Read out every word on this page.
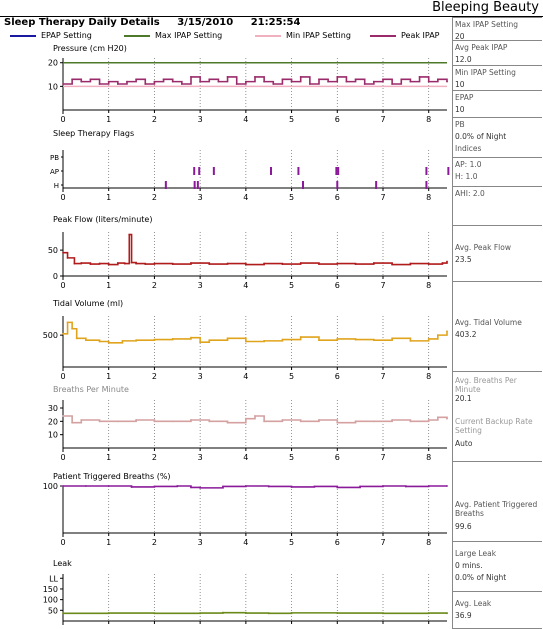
Bleeping Beauty
Sleep Therapy Daily Details 3/15/2010 21:25:54
EPAP Setting	Max IPAP Setting	Min IPAP Setting	Peak IPAP
Pressure (cm H20)
0	1	2	3	4	5	6	7	8
10
20
Sleep Therapy Flags
0	1	2	3	4	5	6	7	8
PB
AP
H
Peak Flow (liters/minute)
0	1	2	3	4	5	6	7	8
0
50
Tidal Volume (ml)
0	1	2	3	4	5	6	7	8
500
Breaths Per Minute
0	1	2	3	4	5	6	7	8
10
20
30
Patient Triggered Breaths (%)
0	1	2	3	4	5	6	7	8
100
Leak
50
100
150
LL
Max IPAP Setting
20
Avg Peak IPAP
12.0
Min IPAP Setting
10
EPAP
10
PB
0.0% of Night
Indices
AP: 1.0
H: 1.0
AHI: 2.0
Avg. Peak Flow
23.5
Avg. Tidal Volume
403.2
Avg. Breaths Per Minute
20.1
Current Backup Rate Setting
Auto
Avg. Patient Triggered Breaths
99.6
Large Leak
0 mins.
0.0% of Night
Avg. Leak
36.9
